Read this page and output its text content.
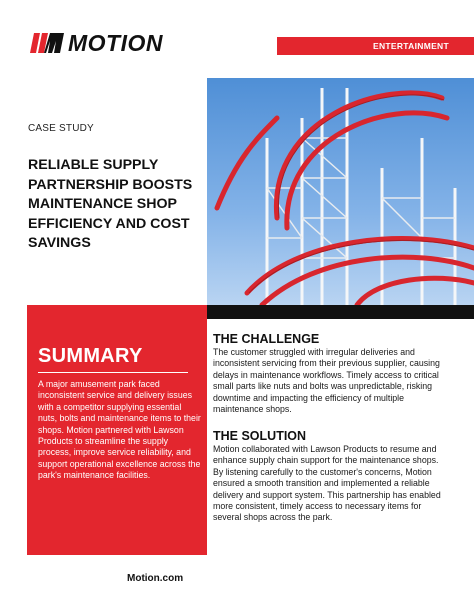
MOTION	ENTERTAINMENT
CASE STUDY
RELIABLE SUPPLY PARTNERSHIP BOOSTS MAINTENANCE SHOP EFFICIENCY AND COST SAVINGS
SUMMARY

A major amusement park faced inconsistent service and delivery issues with a competitor supplying essential nuts, bolts and maintenance items to their shops. Motion partnered with Lawson Products to streamline the supply process, improve service reliability, and support operational excellence across the park's maintenance facilities.

THE CHALLENGE

The customer struggled with irregular deliveries and inconsistent servicing from their previous supplier, causing delays in maintenance workflows. Timely access to critical small parts like nuts and bolts was unpredictable, risking downtime and impacting the efficiency of multiple maintenance shops.

THE SOLUTION

Motion collaborated with Lawson Products to resume and enhance supply chain support for the maintenance shops. By listening carefully to the customer's concerns, Motion ensured a smooth transition and implemented a reliable delivery and support system. This partnership has enabled more consistent, timely access to necessary items for several shops across the park.

Motion.com
